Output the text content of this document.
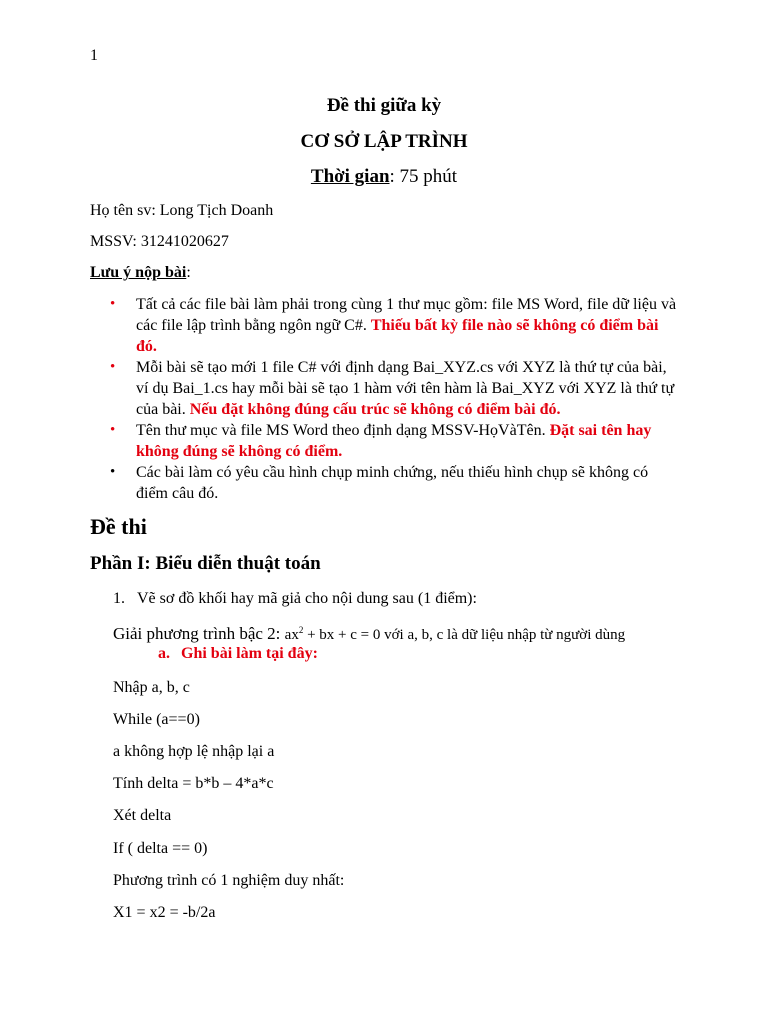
1
Đề thi giữa kỳ
CƠ SỞ LẬP TRÌNH
Thời gian: 75 phút
Họ tên sv: Long Tịch Doanh
MSSV: 31241020627
Lưu ý nộp bài:
• Tất cả các file bài làm phải trong cùng 1 thư mục gồm: file MS Word, file dữ liệu và các file lập trình bằng ngôn ngữ C#. Thiếu bất kỳ file nào sẽ không có điểm bài đó.
• Mỗi bài sẽ tạo mới 1 file C# với định dạng Bai_XYZ.cs với XYZ là thứ tự của bài, ví dụ Bai_1.cs hay mỗi bài sẽ tạo 1 hàm với tên hàm là Bai_XYZ với XYZ là thứ tự của bài. Nếu đặt không đúng cấu trúc sẽ không có điểm bài đó.
• Tên thư mục và file MS Word theo định dạng MSSV-HọVàTên. Đặt sai tên hay không đúng sẽ không có điểm.
• Các bài làm có yêu cầu hình chụp minh chứng, nếu thiếu hình chụp sẽ không có điểm câu đó.
Đề thi
Phần I: Biểu diễn thuật toán
1. Vẽ sơ đồ khối hay mã giả cho nội dung sau (1 điểm):
Giải phương trình bậc 2: $ax^2$ + bx + c = 0 với a, b, c là dữ liệu nhập từ người dùng
a. Ghi bài làm tại đây:
Nhập a, b, c
While (a==0)
a không hợp lệ nhập lại a
Tính delta = b*b – 4*a*c
Xét delta
If ( delta == 0)
Phương trình có 1 nghiệm duy nhất:
X1 = x2 = -b/2a
